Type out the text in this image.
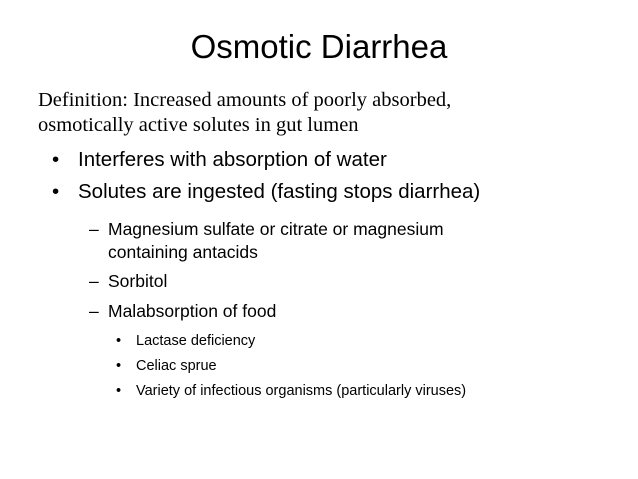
Osmotic Diarrhea
Definition: Increased amounts of poorly absorbed,
osmotically active solutes in gut lumen
• Interferes with absorption of water
• Solutes are ingested (fasting stops diarrhea)
– Magnesium sulfate or citrate or magnesium
containing antacids
– Sorbitol
– Malabsorption of food
• Lactase deficiency
• Celiac sprue
• Variety of infectious organisms (particularly viruses)
